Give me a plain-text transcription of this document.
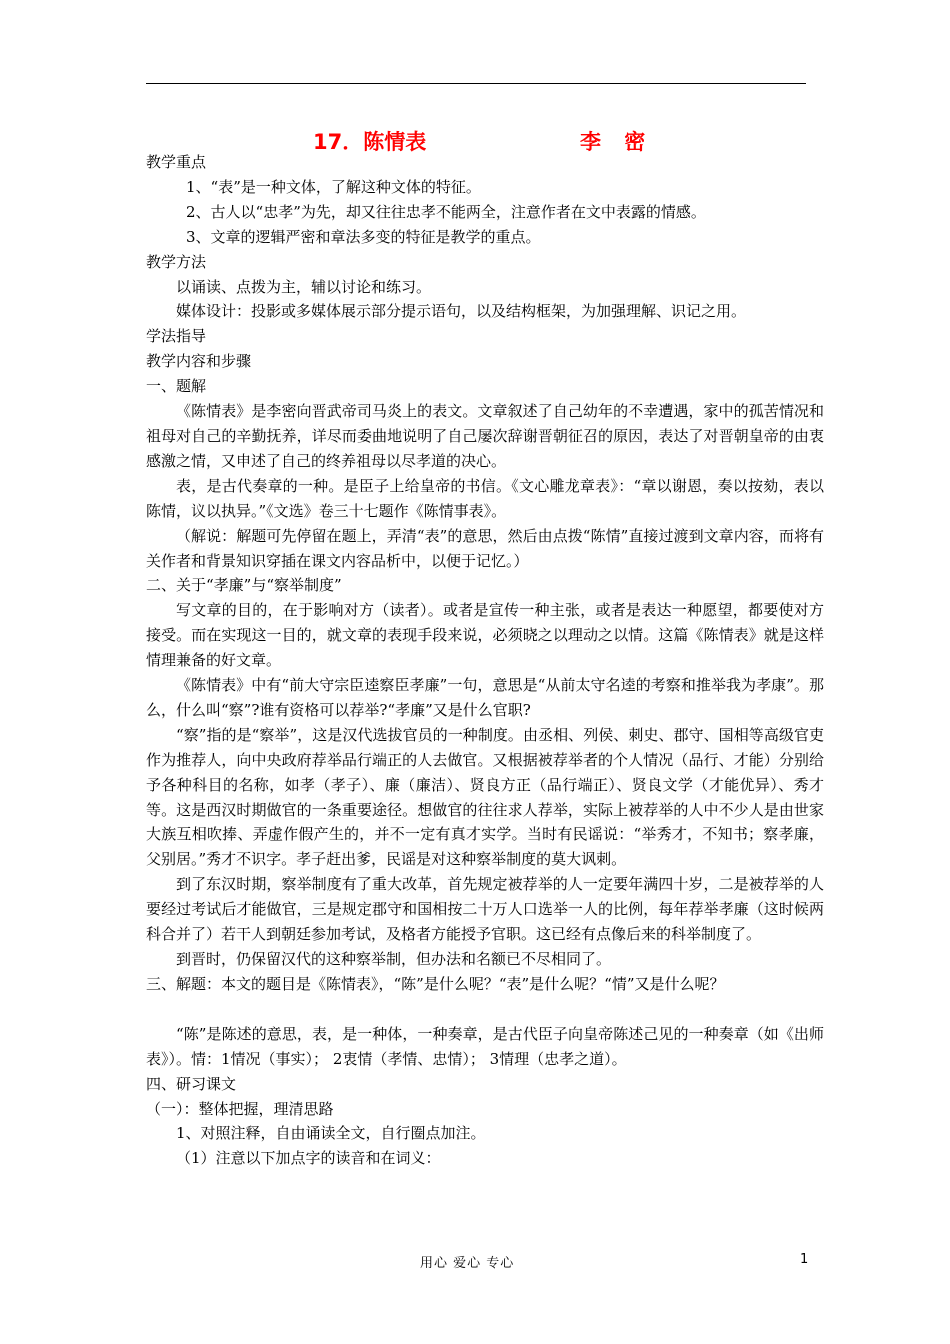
17．陈情表	李 密

教学重点

1、“表”是一种文体，了解这种文体的特征。

2、古人以“忠孝”为先，却又往往忠孝不能两全，注意作者在文中表露的情感。

3、文章的逻辑严密和章法多变的特征是教学的重点。

教学方法

以诵读、点拨为主，辅以讨论和练习。

媒体设计：投影或多媒体展示部分提示语句，以及结构框架，为加强理解、识记之用。

学法指导

教学内容和步骤

一、题解

《陈情表》是李密向晋武帝司马炎上的表文。文章叙述了自己幼年的不幸遭遇，家中的孤苦情况和祖母对自己的辛勤抚养，详尽而委曲地说明了自己屡次辞谢晋朝征召的原因，表达了对晋朝皇帝的由衷感激之情，又申述了自己的终养祖母以尽孝道的决心。

表，是古代奏章的一种。是臣子上给皇帝的书信。《文心雕龙章表》：“章以谢恩，奏以按劾，表以陈情，议以执异。”《文选》卷三十七题作《陈情事表》。

（解说：解题可先停留在题上，弄清“表”的意思，然后由点拨“陈情”直接过渡到文章内容，而将有关作者和背景知识穿插在课文内容品析中，以便于记忆。）

二、关于“孝廉”与“察举制度”

写文章的目的，在于影响对方（读者）。或者是宣传一种主张，或者是表达一种愿望，都要使对方接受。而在实现这一目的，就文章的表现手段来说，必须晓之以理动之以情。这篇《陈情表》就是这样情理兼备的好文章。

《陈情表》中有“前大守宗臣逵察臣孝廉”一句，意思是“从前太守名逵的考察和推举我为孝康”。那么，什么叫“察”?谁有资格可以荐举?“孝廉”又是什么官职?

“察”指的是“察举”，这是汉代选拔官员的一种制度。由丞相、列侯、刺史、郡守、国相等高级官吏作为推荐人，向中央政府荐举品行端正的人去做官。又根据被荐举者的个人情况（品行、才能）分别给予各种科目的名称，如孝（孝子）、廉（廉洁）、贤良方正（品行端正）、贤良文学（才能优异）、秀才等。这是西汉时期做官的一条重要途径。想做官的往往求人荐举，实际上被荐举的人中不少人是由世家大族互相吹捧、弄虚作假产生的，并不一定有真才实学。当时有民谣说：“举秀才，不知书；察孝廉，父别居。”秀才不识字。孝子赶出爹，民谣是对这种察举制度的莫大讽刺。

到了东汉时期，察举制度有了重大改革，首先规定被荐举的人一定要年满四十岁，二是被荐举的人要经过考试后才能做官，三是规定郡守和国相按二十万人口选举一人的比例，每年荐举孝廉（这时候两科合并了）若干人到朝廷参加考试，及格者方能授予官职。这已经有点像后来的科举制度了。

到晋时，仍保留汉代的这种察举制，但办法和名额已不尽相同了。

三、解题：本文的题目是《陈情表》，“陈”是什么呢？“表”是什么呢？“情”又是什么呢？

“陈”是陈述的意思，表，是一种体，一种奏章，是古代臣子向皇帝陈述己见的一种奏章（如《出师表》）。情：1情况（事实）； 2衷情（孝情、忠情）； 3情理（忠孝之道）。

四、研习课文

（一）：整体把握，理清思路

1、对照注释，自由诵读全文，自行圈点加注。

（1）注意以下加点字的读音和在词义：

用心 爱心 专心	1
